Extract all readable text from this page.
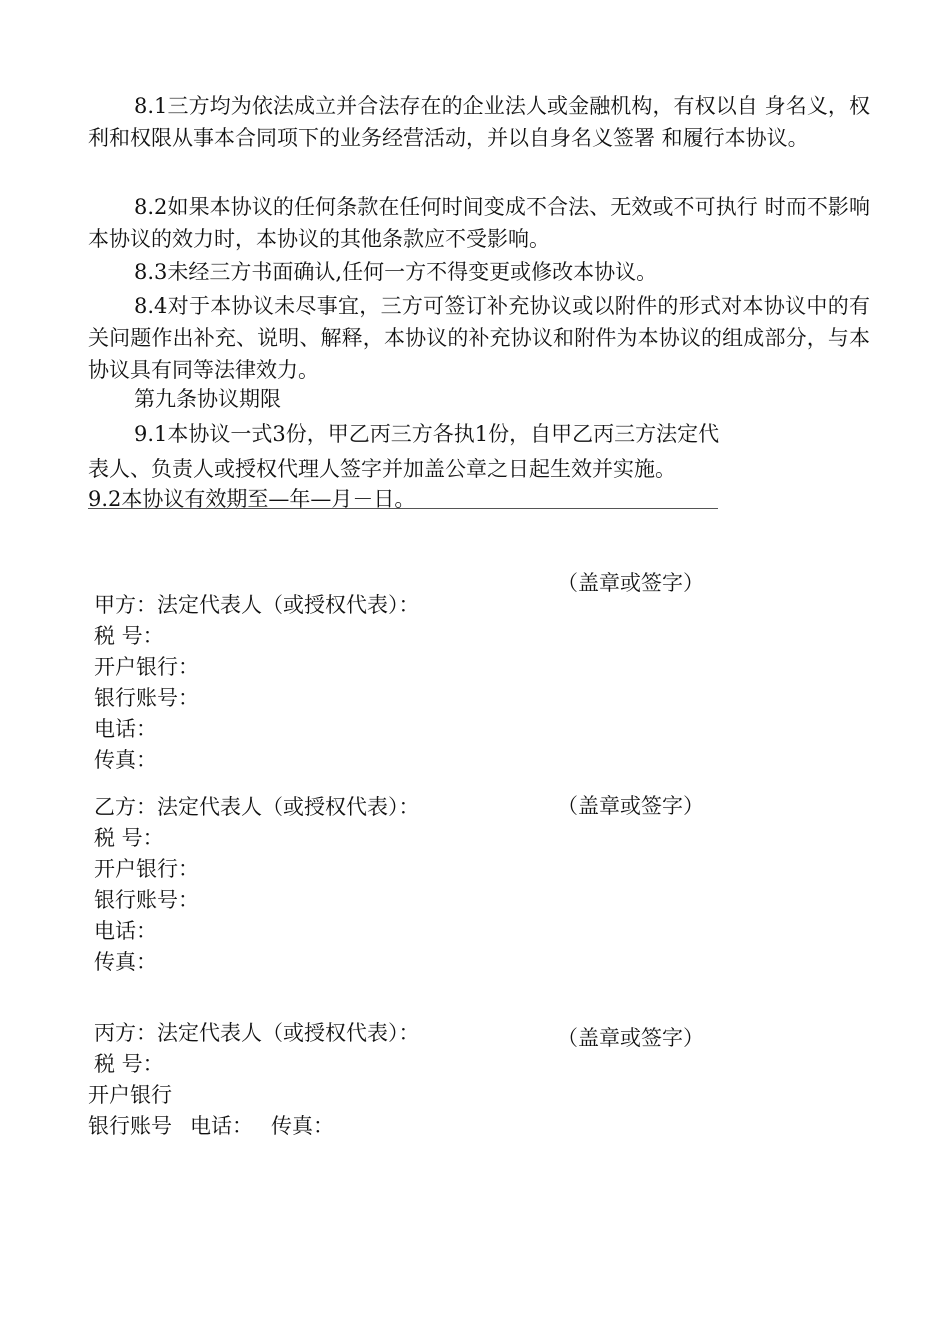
8.1三方均为依法成立并合法存在的企业法人或金融机构，有权以自 身名义，权利和权限从事本合同项下的业务经营活动，并以自身名义签署 和履行本协议。
8.2如果本协议的任何条款在任何时间变成不合法、无效或不可执行 时而不影响本协议的效力时，本协议的其他条款应不受影响。
8.3未经三方书面确认,任何一方不得变更或修改本协议。
8.4对于本协议未尽事宜，三方可签订补充协议或以附件的形式对本协议中的有关问题作出补充、说明、解释，本协议的补充协议和附件为本协议的组成部分，与本协议具有同等法律效力。
第九条协议期限
9.1本协议一式3份，甲乙丙三方各执1份，自甲乙丙三方法定代
表人、负责人或授权代理人签字并加盖公章之日起生效并实施。
9.2本协议有效期至—年—月－日。
（盖章或签字）
甲方：法定代表人（或授权代表）：
税 号：
开户银行：
银行账号：
电话：
传真：
（盖章或签字）
乙方：法定代表人（或授权代表）：
税 号：
开户银行：
银行账号：
电话：
传真：
（盖章或签字）
丙方：法定代表人（或授权代表）：
税 号：
开户银行
银行账号 电话： 传真：
